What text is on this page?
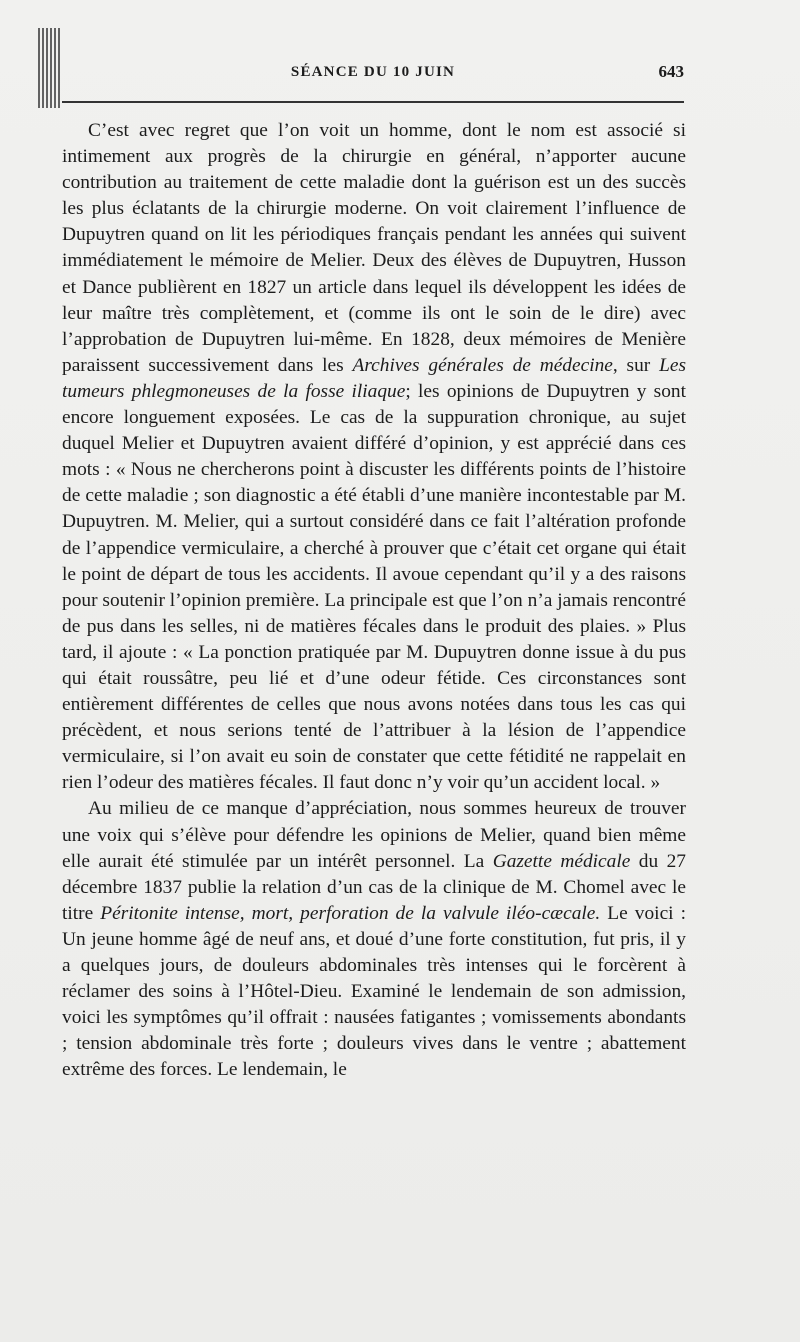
SÉANCE DU 10 JUIN	643

C’est avec regret que l’on voit un homme, dont le nom est associé si intimement aux progrès de la chirurgie en général, n’apporter aucune contribution au traitement de cette maladie dont la guérison est un des succès les plus éclatants de la chirurgie moderne. On voit clairement l’influence de Dupuytren quand on lit les périodiques français pendant les années qui suivent immédiatement le mémoire de Melier. Deux des élèves de Dupuytren, Husson et Dance publièrent en 1827 un article dans lequel ils développent les idées de leur maître très complètement, et (comme ils ont le soin de le dire) avec l’approbation de Dupuytren lui-même. En 1828, deux mémoires de Menière paraissent successivement dans les Archives générales de médecine, sur Les tumeurs phlegmoneuses de la fosse iliaque; les opinions de Dupuytren y sont encore longuement exposées. Le cas de la suppuration chronique, au sujet duquel Melier et Dupuytren avaient différé d’opinion, y est apprécié dans ces mots : « Nous ne chercherons point à discuster les différents points de l’histoire de cette maladie ; son diagnostic a été établi d’une manière incontestable par M. Dupuytren. M. Melier, qui a surtout considéré dans ce fait l’altération profonde de l’appendice vermiculaire, a cherché à prouver que c’était cet organe qui était le point de départ de tous les accidents. Il avoue cependant qu’il y a des raisons pour soutenir l’opinion première. La principale est que l’on n’a jamais rencontré de pus dans les selles, ni de matières fécales dans le produit des plaies. » Plus tard, il ajoute : « La ponction pratiquée par M. Dupuytren donne issue à du pus qui était roussâtre, peu lié et d’une odeur fétide. Ces circonstances sont entièrement différentes de celles que nous avons notées dans tous les cas qui précèdent, et nous serions tenté de l’attribuer à la lésion de l’appendice vermiculaire, si l’on avait eu soin de constater que cette fétidité ne rappelait en rien l’odeur des matières fécales. Il faut donc n’y voir qu’un accident local. »

Au milieu de ce manque d’appréciation, nous sommes heureux de trouver une voix qui s’élève pour défendre les opinions de Melier, quand bien même elle aurait été stimulée par un intérêt personnel. La Gazette médicale du 27 décembre 1837 publie la relation d’un cas de la clinique de M. Chomel avec le titre Péritonite intense, mort, perforation de la valvule iléo-cæcale. Le voici : Un jeune homme âgé de neuf ans, et doué d’une forte constitution, fut pris, il y a quelques jours, de douleurs abdominales très intenses qui le forcèrent à réclamer des soins à l’Hôtel-Dieu. Examiné le lendemain de son admission, voici les symptômes qu’il offrait : nausées fatigantes ; vomissements abondants ; tension abdominale très forte ; douleurs vives dans le ventre ; abattement extrême des forces. Le lendemain, le
